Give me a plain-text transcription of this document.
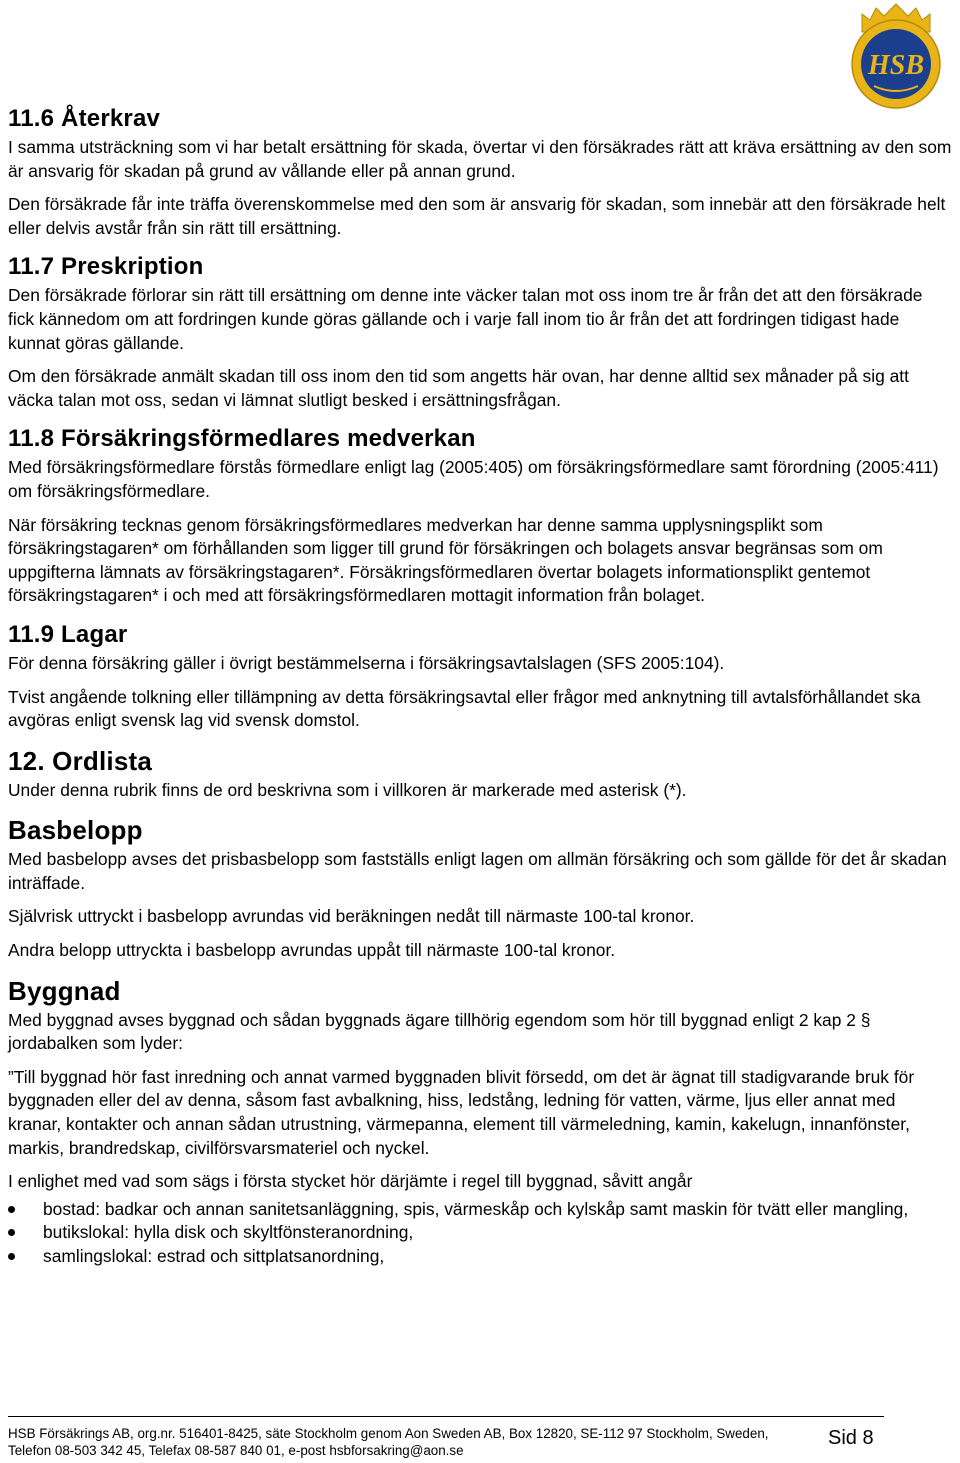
HSB
11.6 Återkrav

I samma utsträckning som vi har betalt ersättning för skada, övertar vi den försäkrades rätt att kräva ersättning av den som är ansvarig för skadan på grund av vållande eller på annan grund.

Den försäkrade får inte träffa överenskommelse med den som är ansvarig för skadan, som innebär att den försäkrade helt eller delvis avstår från sin rätt till ersättning.

11.7 Preskription

Den försäkrade förlorar sin rätt till ersättning om denne inte väcker talan mot oss inom tre år från det att den försäkrade fick kännedom om att fordringen kunde göras gällande och i varje fall inom tio år från det att fordringen tidigast hade kunnat göras gällande.

Om den försäkrade anmält skadan till oss inom den tid som angetts här ovan, har denne alltid sex månader på sig att väcka talan mot oss, sedan vi lämnat slutligt besked i ersättningsfrågan.

11.8 Försäkringsförmedlares medverkan

Med försäkringsförmedlare förstås förmedlare enligt lag (2005:405) om försäkringsförmedlare samt förordning (2005:411) om försäkringsförmedlare.

När försäkring tecknas genom försäkringsförmedlares medverkan har denne samma upplysningsplikt som försäkringstagaren* om förhållanden som ligger till grund för försäkringen och bolagets ansvar begränsas som om uppgifterna lämnats av försäkringstagaren*. Försäkringsförmedlaren övertar bolagets informationsplikt gentemot försäkringstagaren* i och med att försäkringsförmedlaren mottagit information från bolaget.

11.9 Lagar

För denna försäkring gäller i övrigt bestämmelserna i försäkringsavtalslagen (SFS 2005:104).

Tvist angående tolkning eller tillämpning av detta försäkringsavtal eller frågor med anknytning till avtalsförhållandet ska avgöras enligt svensk lag vid svensk domstol.

12. Ordlista

Under denna rubrik finns de ord beskrivna som i villkoren är markerade med asterisk (*).

Basbelopp

Med basbelopp avses det prisbasbelopp som fastställs enligt lagen om allmän försäkring och som gällde för det år skadan inträffade.

Självrisk uttryckt i basbelopp avrundas vid beräkningen nedåt till närmaste 100-tal kronor.

Andra belopp uttryckta i basbelopp avrundas uppåt till närmaste 100-tal kronor.

Byggnad

Med byggnad avses byggnad och sådan byggnads ägare tillhörig egendom som hör till byggnad enligt 2 kap 2 § jordabalken som lyder:

”Till byggnad hör fast inredning och annat varmed byggnaden blivit försedd, om det är ägnat till stadigvarande bruk för byggnaden eller del av denna, såsom fast avbalkning, hiss, ledstång, ledning för vatten, värme, ljus eller annat med kranar, kontakter och annan sådan utrustning, värmepanna, element till värmeledning, kamin, kakelugn, innanfönster, markis, brandredskap, civilförsvarsmateriel och nyckel.

I enlighet med vad som sägs i första stycket hör därjämte i regel till byggnad, såvitt angår

bostad: badkar och annan sanitetsanläggning, spis, värmeskåp och kylskåp samt maskin för tvätt eller mangling,
butikslokal: hylla disk och skyltfönsteranordning,
samlingslokal: estrad och sittplatsanordning,
HSB Försäkrings AB, org.nr. 516401-8425, säte Stockholm genom Aon Sweden AB, Box 12820, SE-112 97 Stockholm, Sweden,
Telefon 08-503 342 45, Telefax 08-587 840 01, e-post hsbforsakring@aon.se
Sid 8
